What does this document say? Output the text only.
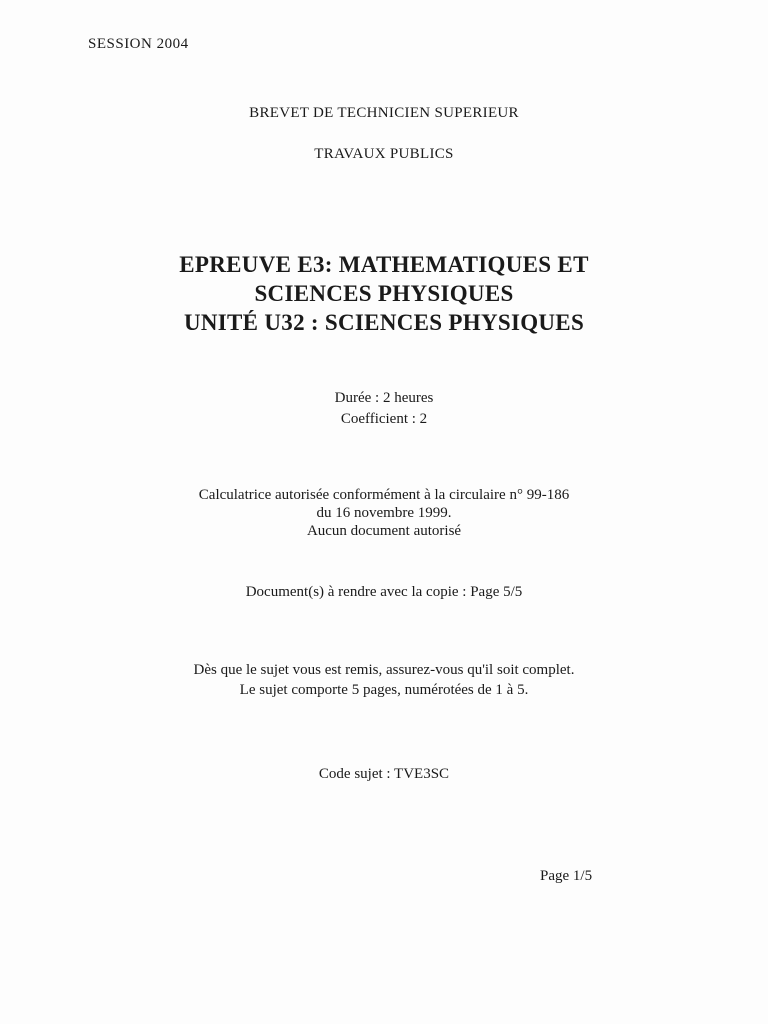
SESSION 2004
BREVET DE TECHNICIEN SUPERIEUR
TRAVAUX PUBLICS
EPREUVE E3: MATHEMATIQUES ET
SCIENCES PHYSIQUES
UNITÉ U32 : SCIENCES PHYSIQUES
Durée : 2 heures
Coefficient : 2
Calculatrice autorisée conformément à la circulaire n° 99-186
du 16 novembre 1999.
Aucun document autorisé
Document(s) à rendre avec la copie : Page 5/5
Dès que le sujet vous est remis, assurez-vous qu'il soit complet.
Le sujet comporte 5 pages, numérotées de 1 à 5.
Code sujet : TVE3SC
Page 1/5
